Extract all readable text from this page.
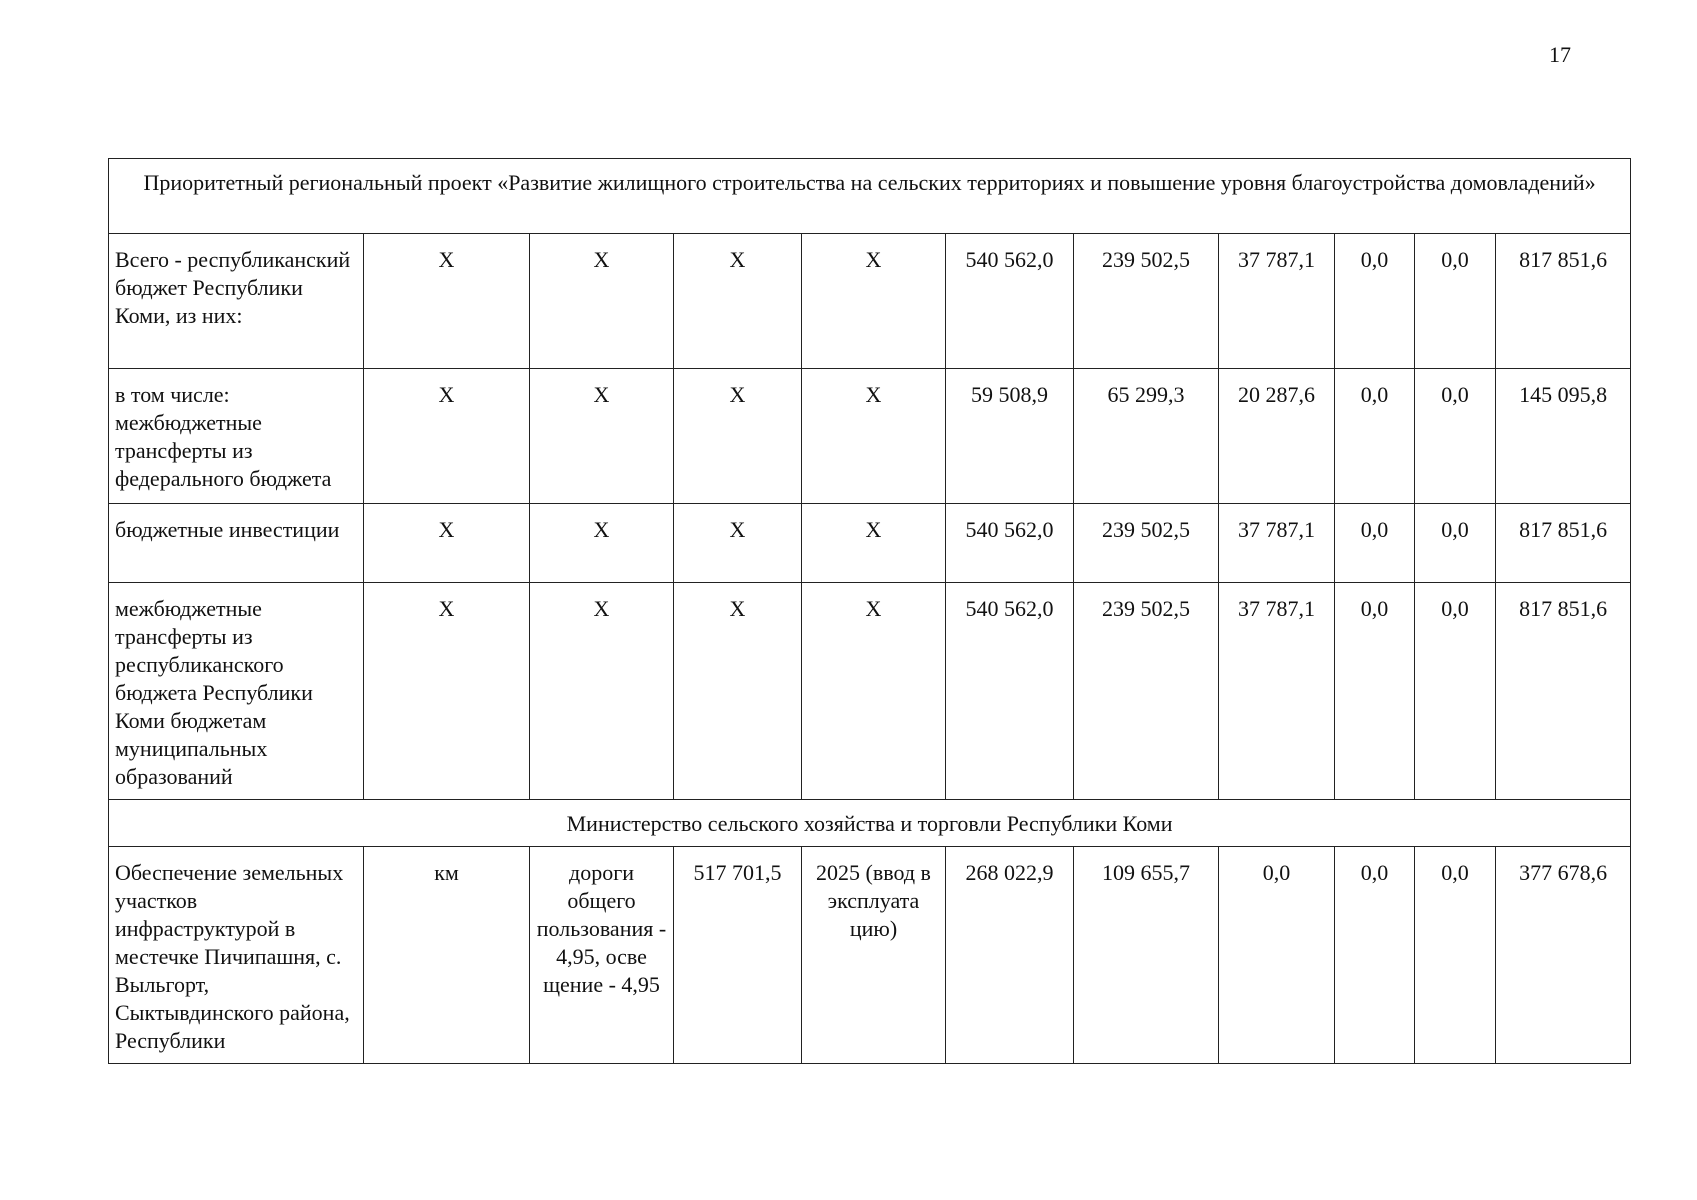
17
Приоритетный региональный проект «Развитие жилищного строительства на сельских территориях и повышение уровня благоустройства домовладений»										
Всего - республиканский бюджет Республики Коми, из них:	Х	Х	Х	Х	540 562,0	239 502,5	37 787,1	0,0	0,0	817 851,6
в том числе: межбюджетные трансферты из федерального бюджета	Х	Х	Х	Х	59 508,9	65 299,3	20 287,6	0,0	0,0	145 095,8
бюджетные инвестиции	Х	Х	Х	Х	540 562,0	239 502,5	37 787,1	0,0	0,0	817 851,6
межбюджетные трансферты из республиканского бюджета Республики Коми бюджетам муниципальных образований	Х	Х	Х	Х	540 562,0	239 502,5	37 787,1	0,0	0,0	817 851,6
Министерство сельского хозяйства и торговли Республики Коми										
Обеспечение земельных участков инфраструктурой в местечке Пичипашня, с. Выльгорт, Сыктывдинского района, Республики	км	дороги общего пользования - 4,95, осве щение - 4,95	517 701,5	2025 (ввод в эксплуата цию)	268 022,9	109 655,7	0,0	0,0	0,0	377 678,6
